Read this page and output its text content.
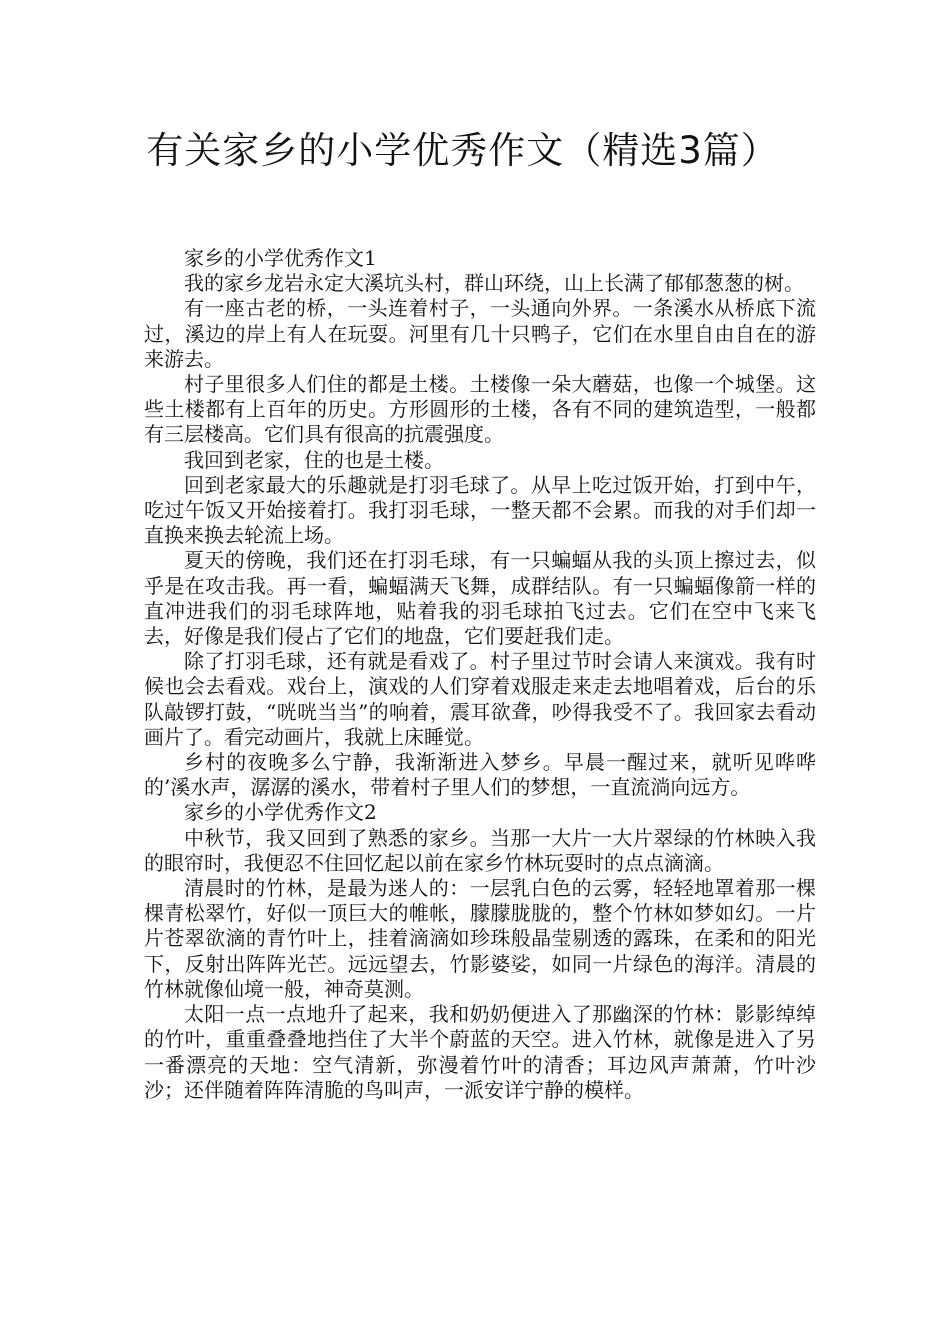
有关家乡的小学优秀作文（精选3篇）

家乡的小学优秀作文1

我的家乡龙岩永定大溪坑头村，群山环绕，山上长满了郁郁葱葱的树。

有一座古老的桥，一头连着村子，一头通向外界。一条溪水从桥底下流过，溪边的岸上有人在玩耍。河里有几十只鸭子，它们在水里自由自在的游来游去。

村子里很多人们住的都是土楼。土楼像一朵大蘑菇，也像一个城堡。这些土楼都有上百年的历史。方形圆形的土楼，各有不同的建筑造型，一般都有三层楼高。它们具有很高的抗震强度。

我回到老家，住的也是土楼。

回到老家最大的乐趣就是打羽毛球了。从早上吃过饭开始，打到中午，吃过午饭又开始接着打。我打羽毛球，一整天都不会累。而我的对手们却一直换来换去轮流上场。

夏天的傍晚，我们还在打羽毛球，有一只蝙蝠从我的头顶上擦过去，似乎是在攻击我。再一看，蝙蝠满天飞舞，成群结队。有一只蝙蝠像箭一样的直冲进我们的羽毛球阵地，贴着我的羽毛球拍飞过去。它们在空中飞来飞去，好像是我们侵占了它们的地盘，它们要赶我们走。

除了打羽毛球，还有就是看戏了。村子里过节时会请人来演戏。我有时候也会去看戏。戏台上，演戏的人们穿着戏服走来走去地唱着戏，后台的乐队敲锣打鼓，“咣咣当当”的响着，震耳欲聋，吵得我受不了。我回家去看动画片了。看完动画片，我就上床睡觉。

乡村的夜晚多么宁静，我渐渐进入梦乡。早晨一醒过来，就听见哗哗的’溪水声，潺潺的溪水，带着村子里人们的梦想，一直流淌向远方。

家乡的小学优秀作文2

中秋节，我又回到了熟悉的家乡。当那一大片一大片翠绿的竹林映入我的眼帘时，我便忍不住回忆起以前在家乡竹林玩耍时的点点滴滴。

清晨时的竹林，是最为迷人的：一层乳白色的云雾，轻轻地罩着那一棵棵青松翠竹，好似一顶巨大的帷帐，朦朦胧胧的，整个竹林如梦如幻。一片片苍翠欲滴的青竹叶上，挂着滴滴如珍珠般晶莹剔透的露珠，在柔和的阳光下，反射出阵阵光芒。远远望去，竹影婆娑，如同一片绿色的海洋。清晨的竹林就像仙境一般，神奇莫测。

太阳一点一点地升了起来，我和奶奶便进入了那幽深的竹林：影影绰绰的竹叶，重重叠叠地挡住了大半个蔚蓝的天空。进入竹林，就像是进入了另一番漂亮的天地：空气清新，弥漫着竹叶的清香；耳边风声萧萧，竹叶沙沙；还伴随着阵阵清脆的鸟叫声，一派安详宁静的模样。
